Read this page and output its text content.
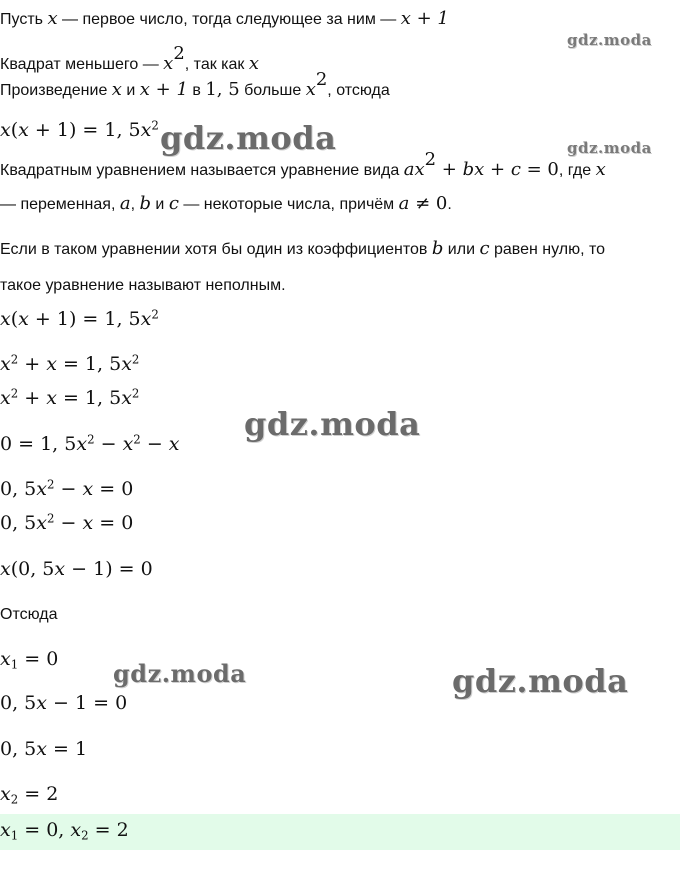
Пусть x — первое число, тогда следующее за ним — x + 1
gdz.moda
Квадрат меньшего — $x^2$, так как x
Произведение x и x + 1 в 1, 5 больше $x^2$, отсюда
x(x + 1) = 1, $5x^2$ gdz.moda	gdz.moda
Квадратным уравнением называется уравнение вида $ax^2$ + bx + c = 0, где x
— переменная, a, b и c — некоторые числа, причём a ≠ 0.
Если в таком уравнении хотя бы один из коэффициентов b или c равен нулю, то
такое уравнение называют неполным.
x(x + 1) = 1, $5x^2$
$x^2 + x = 1$, $5x^2$
$x^2 + x = 1$, $5x^2$
gdz.moda
0 = 1, $5x^2 - x^2 - x$
0, $5x^2 - x = 0$
0, $5x^2 - x = 0$
x(0, 5x − 1) = 0
Отсюда
$x_1 = 0$ gdz.moda	gdz.moda
0, 5x − 1 = 0
0, 5x = 1
$x_2 = 2$
$x_1 = 0$, $x_2 = 2$
